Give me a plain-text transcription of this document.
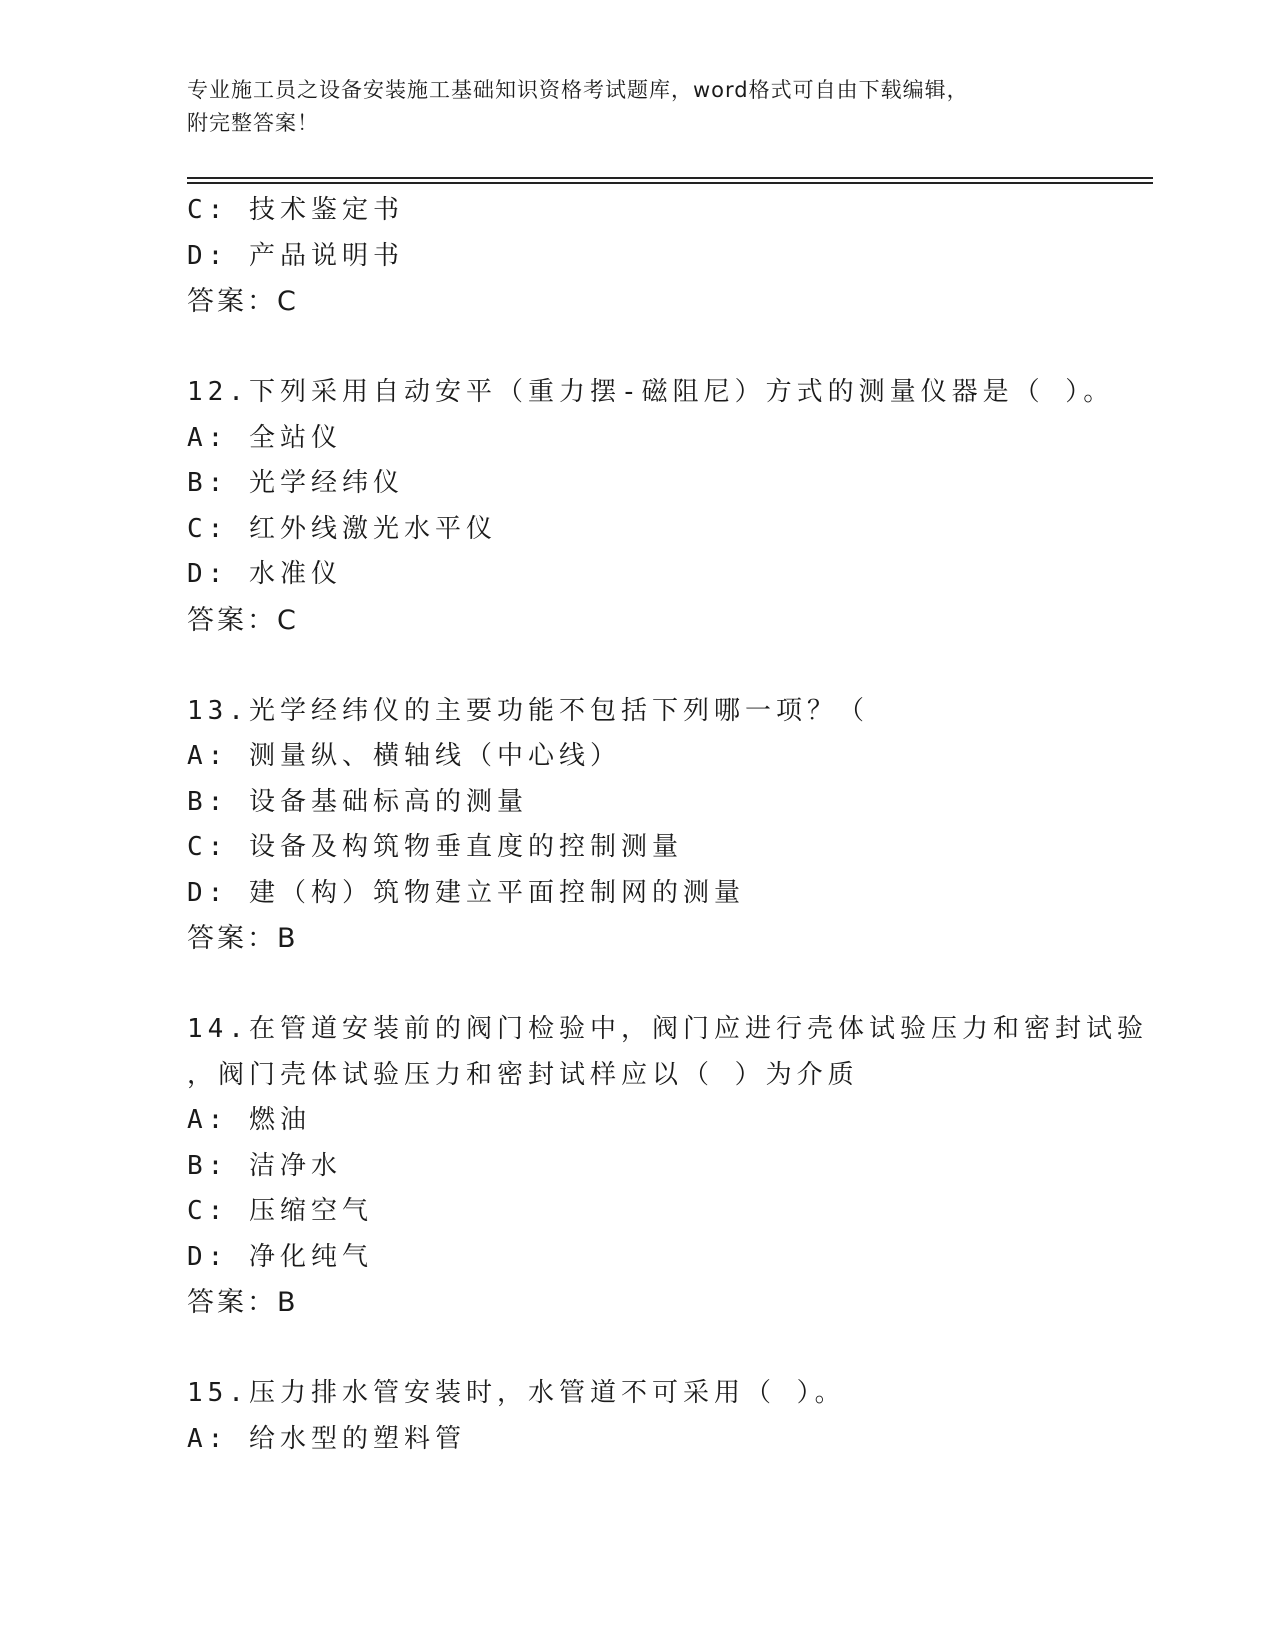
专业施工员之设备安装施工基础知识资格考试题库，word格式可自由下载编辑，
附完整答案！
C: 技术鉴定书
D: 产品说明书
答案：C
12.下列采用自动安平（重力摆-磁阻尼）方式的测量仪器是（ ）。
A: 全站仪
B: 光学经纬仪
C: 红外线激光水平仪
D: 水准仪
答案：C
13.光学经纬仪的主要功能不包括下列哪一项？（
A: 测量纵、横轴线（中心线）
B: 设备基础标高的测量
C: 设备及构筑物垂直度的控制测量
D: 建（构）筑物建立平面控制网的测量
答案：B
14.在管道安装前的阀门检验中，阀门应进行壳体试验压力和密封试验
，阀门壳体试验压力和密封试样应以（ ）为介质
A: 燃油
B: 洁净水
C: 压缩空气
D: 净化纯气
答案：B
15.压力排水管安装时，水管道不可采用（ ）。
A: 给水型的塑料管
